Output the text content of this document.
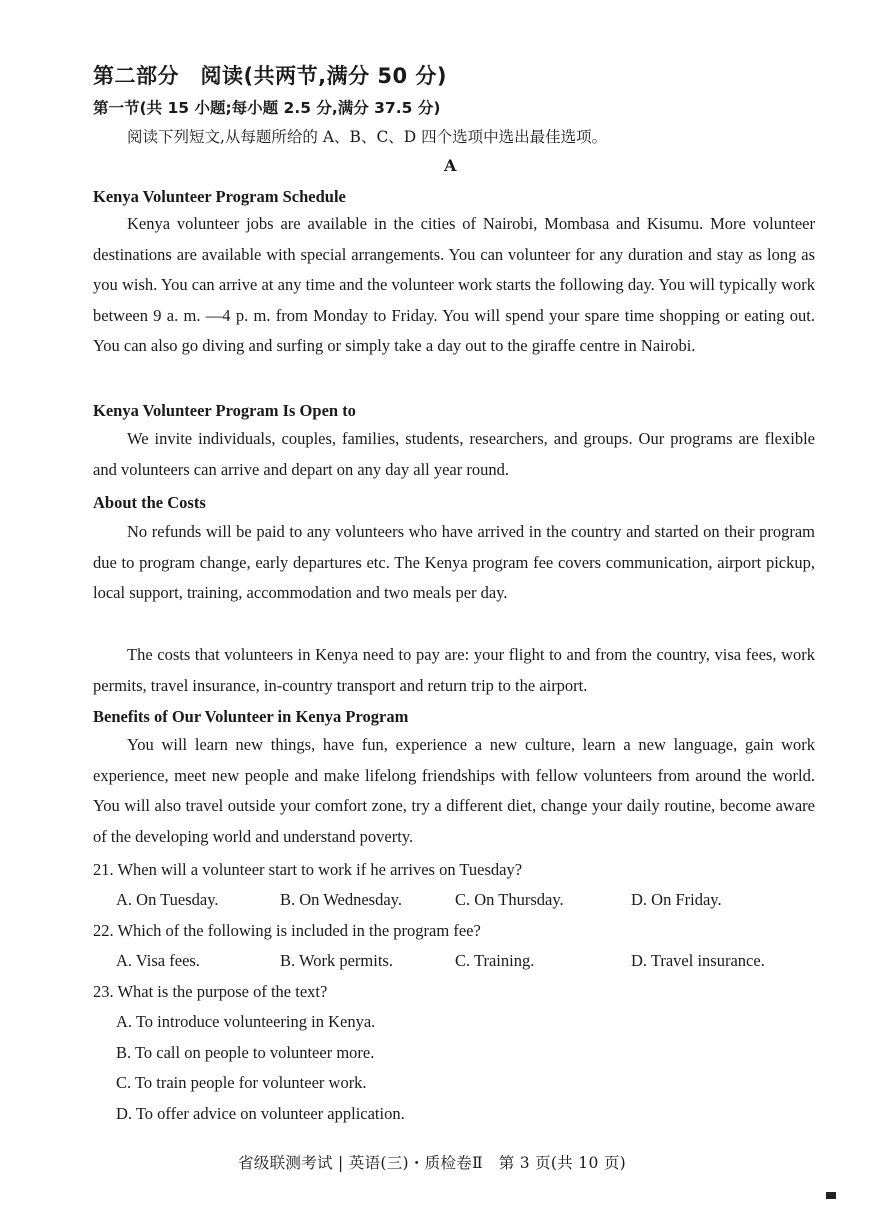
第二部分　阅读(共两节,满分 50 分)
第一节(共 15 小题;每小题 2.5 分,满分 37.5 分)
阅读下列短文,从每题所给的 A、B、C、D 四个选项中选出最佳选项。
A
Kenya Volunteer Program Schedule

Kenya volunteer jobs are available in the cities of Nairobi, Mombasa and Kisumu. More volunteer destinations are available with special arrangements. You can volunteer for any duration and stay as long as you wish. You can arrive at any time and the volunteer work starts the following day. You will typically work between 9 a. m. —4 p. m. from Monday to Friday. You will spend your spare time shopping or eating out. You can also go diving and surfing or simply take a day out to the giraffe centre in Nairobi.

Kenya Volunteer Program Is Open to

We invite individuals, couples, families, students, researchers, and groups. Our programs are flexible and volunteers can arrive and depart on any day all year round.

About the Costs

No refunds will be paid to any volunteers who have arrived in the country and started on their program due to program change, early departures etc. The Kenya program fee covers communication, airport pickup, local support, training, accommodation and two meals per day.

The costs that volunteers in Kenya need to pay are: your flight to and from the country, visa fees, work permits, travel insurance, in-country transport and return trip to the airport.

Benefits of Our Volunteer in Kenya Program

You will learn new things, have fun, experience a new culture, learn a new language, gain work experience, meet new people and make lifelong friendships with fellow volunteers from around the world. You will also travel outside your comfort zone, try a different diet, change your daily routine, become aware of the developing world and understand poverty.

21. When will a volunteer start to work if he arrives on Tuesday?
A. On Tuesday.	B. On Wednesday.	C. On Thursday.	D. On Friday.
22. Which of the following is included in the program fee?
A. Visa fees.	B. Work permits.	C. Training.	D. Travel insurance.
23. What is the purpose of the text?
A. To introduce volunteering in Kenya.
B. To call on people to volunteer more.
C. To train people for volunteer work.
D. To offer advice on volunteer application.
省级联测考试 | 英语(三)・质检卷Ⅱ　第 3 页(共 10 页)
